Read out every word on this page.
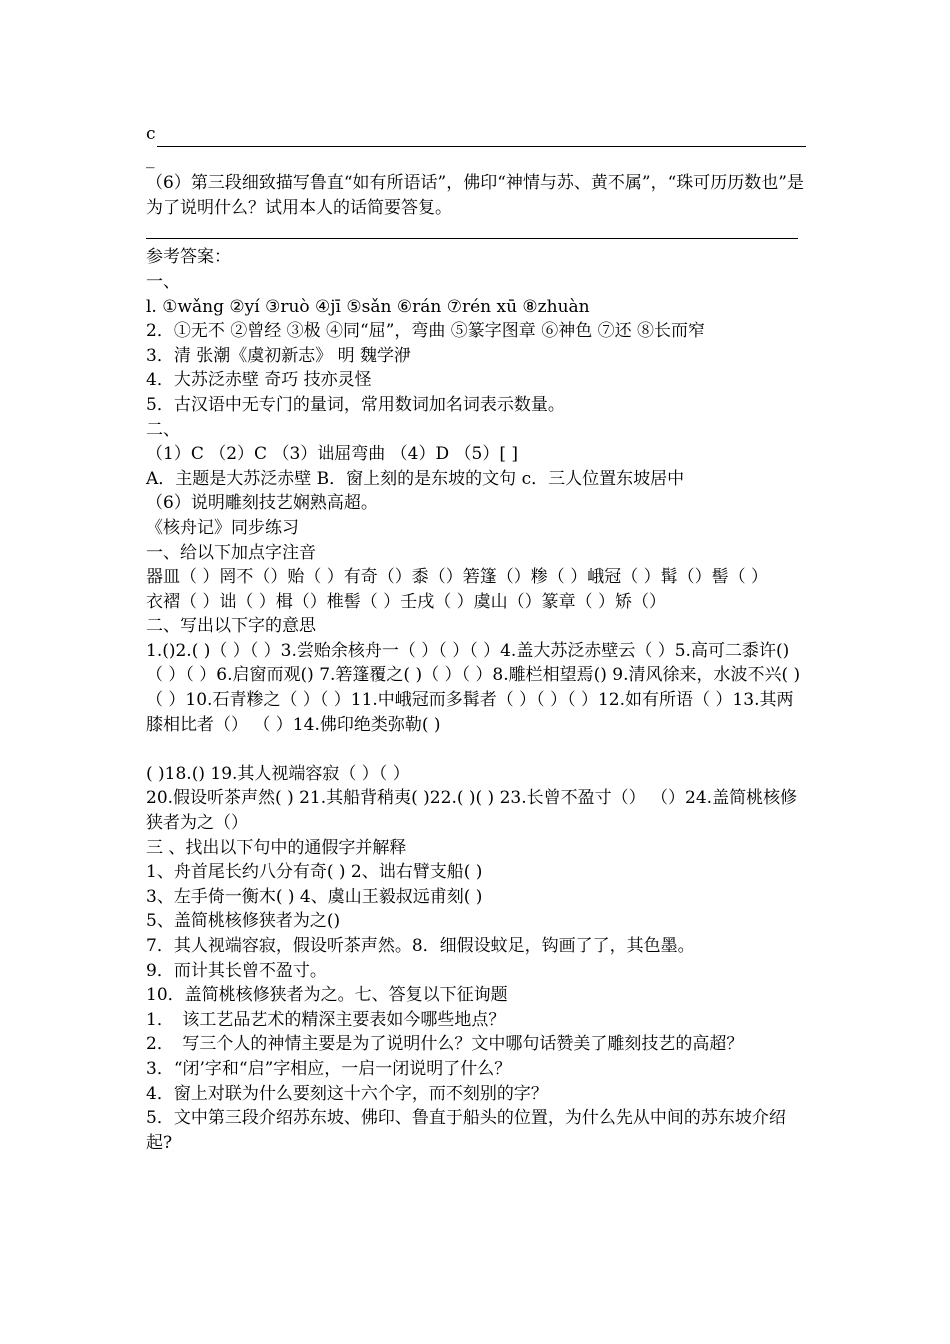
c

_

（6）第三段细致描写鲁直“如有所语话”，佛印“神情与苏、黄不属”，“珠可历历数也”是为了说明什么？试用本人的话简要答复。

参考答案：

一、

l. ①wǎng ②yí ③ruò ④jī ⑤sǎn ⑥rán ⑦rén xū ⑧zhuàn

2．①无不 ②曾经 ③极 ④同“屈”，弯曲 ⑤篆字图章 ⑥神色 ⑦还 ⑧长而窄

3．清 张潮《虞初新志》 明 魏学洢

4．大苏泛赤壁 奇巧 技亦灵怪

5．古汉语中无专门的量词，常用数词加名词表示数量。

二、

（1）C （2）C （3）诎屈弯曲 （4）D （5）[ ]

A．主题是大苏泛赤壁 B．窗上刻的是东坡的文句 c．三人位置东坡居中

（6）说明雕刻技艺娴熟高超。

《核舟记》同步练习

一、给以下加点字注音

器皿（ ）罔不（）贻（ ）有奇（）黍（）箬篷（）糁（ ）峨冠（ ）髯（）髻（ ）

衣褶（ ）诎（ ）楫（）椎髻（ ）壬戌（ ）虞山（）篆章（ ）矫（）

二、写出以下字的意思

1.()2.( )（ ）（ ）3.尝贻余核舟一（ ）（ ）（ ）4.盖大苏泛赤壁云（ ）5.高可二黍许()（ ）（ ）6.启窗而观() 7.箬篷覆之( )（ ）（ ）8.雕栏相望焉() 9.清风徐来，水波不兴( )（ ）10.石青糁之（ ）（ ）11.中峨冠而多髯者（ ）（ ）（ ）12.如有所语（ ）13.其两膝相比者（） （ ）14.佛印绝类弥勒( )

( )18.() 19.其人视端容寂（ ）（ ）

20.假设听茶声然( ) 21.其船背稍夷( )22.( )( ) 23.长曾不盈寸（） （）24.盖简桃核修狭者为之（）

三 、找出以下句中的通假字并解释

1、舟首尾长约八分有奇( ) 2、诎右臂支船( )

3、左手倚一衡木( ) 4、虞山王毅叔远甫刻( )

5、盖简桃核修狭者为之()

7．其人视端容寂，假设听茶声然。8．细假设蚊足，钩画了了，其色墨。

9．而计其长曾不盈寸。

10．盖简桃核修狭者为之。七、答复以下征询题

1．　该工艺品艺术的精深主要表如今哪些地点？

2．　写三个人的神情主要是为了说明什么？文中哪句话赞美了雕刻技艺的高超？

3．“闭’字和“启”字相应，一启一闭说明了什么？

4．窗上对联为什么要刻这十六个字，而不刻别的字？

5．文中第三段介绍苏东坡、佛印、鲁直于船头的位置，为什么先从中间的苏东坡介绍起?
